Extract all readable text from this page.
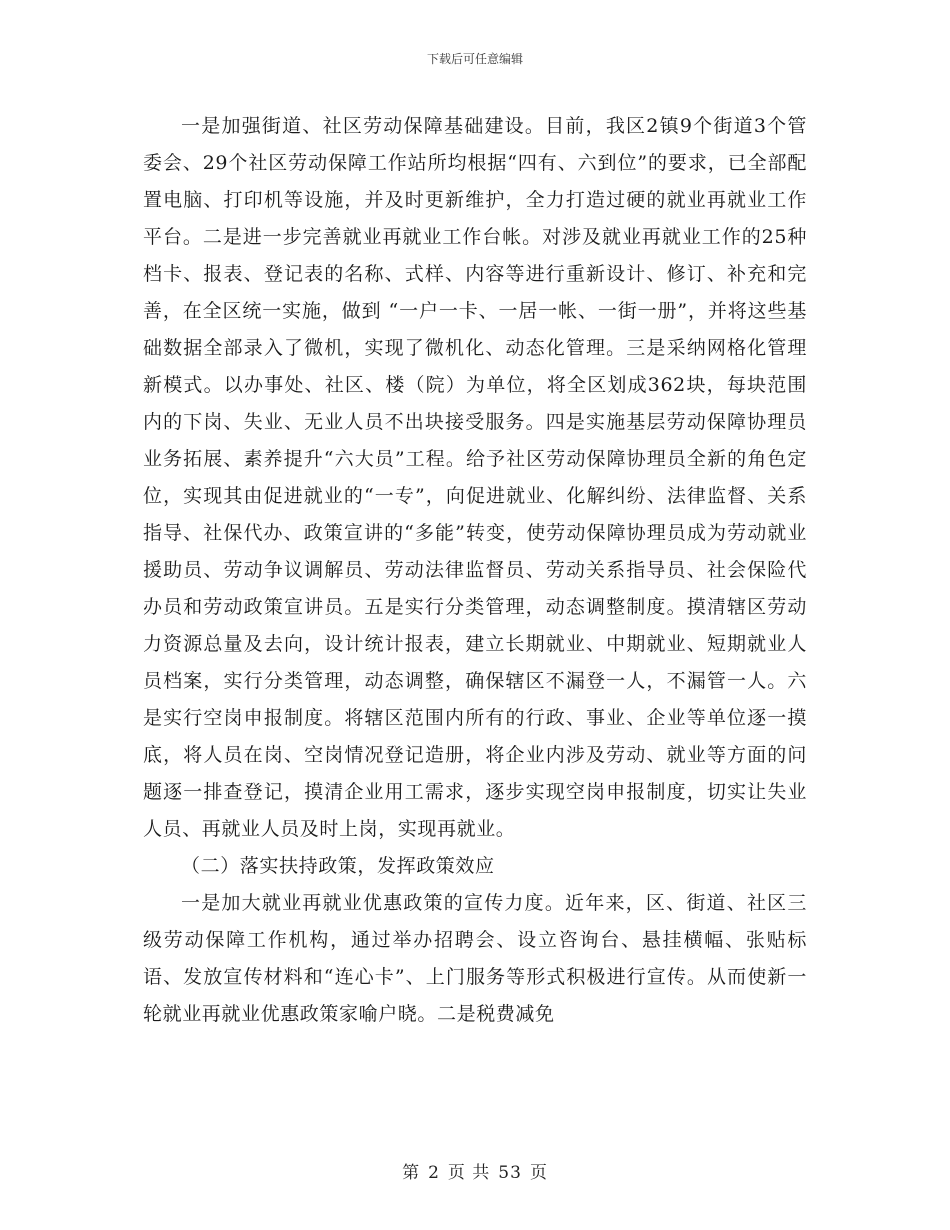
下载后可任意编辑

一是加强街道、社区劳动保障基础建设。目前，我区2镇9个街道3个管委会、29个社区劳动保障工作站所均根据“四有、六到位”的要求，已全部配置电脑、打印机等设施，并及时更新维护，全力打造过硬的就业再就业工作平台。二是进一步完善就业再就业工作台帐。对涉及就业再就业工作的25种档卡、报表、登记表的名称、式样、内容等进行重新设计、修订、补充和完善，在全区统一实施，做到 “一户一卡、一居一帐、一街一册”，并将这些基础数据全部录入了微机，实现了微机化、动态化管理。三是采纳网格化管理新模式。以办事处、社区、楼（院）为单位，将全区划成362块，每块范围内的下岗、失业、无业人员不出块接受服务。四是实施基层劳动保障协理员业务拓展、素养提升“六大员”工程。给予社区劳动保障协理员全新的角色定位，实现其由促进就业的“一专”，向促进就业、化解纠纷、法律监督、关系指导、社保代办、政策宣讲的“多能”转变，使劳动保障协理员成为劳动就业援助员、劳动争议调解员、劳动法律监督员、劳动关系指导员、社会保险代办员和劳动政策宣讲员。五是实行分类管理，动态调整制度。摸清辖区劳动力资源总量及去向，设计统计报表，建立长期就业、中期就业、短期就业人员档案，实行分类管理，动态调整，确保辖区不漏登一人，不漏管一人。六是实行空岗申报制度。将辖区范围内所有的行政、事业、企业等单位逐一摸底，将人员在岗、空岗情况登记造册，将企业内涉及劳动、就业等方面的问题逐一排查登记，摸清企业用工需求，逐步实现空岗申报制度，切实让失业人员、再就业人员及时上岗，实现再就业。

（二）落实扶持政策，发挥政策效应

一是加大就业再就业优惠政策的宣传力度。近年来，区、街道、社区三级劳动保障工作机构，通过举办招聘会、设立咨询台、悬挂横幅、张贴标语、发放宣传材料和“连心卡”、上门服务等形式积极进行宣传。从而使新一轮就业再就业优惠政策家喻户晓。二是税费减免

第 2 页 共 53 页
